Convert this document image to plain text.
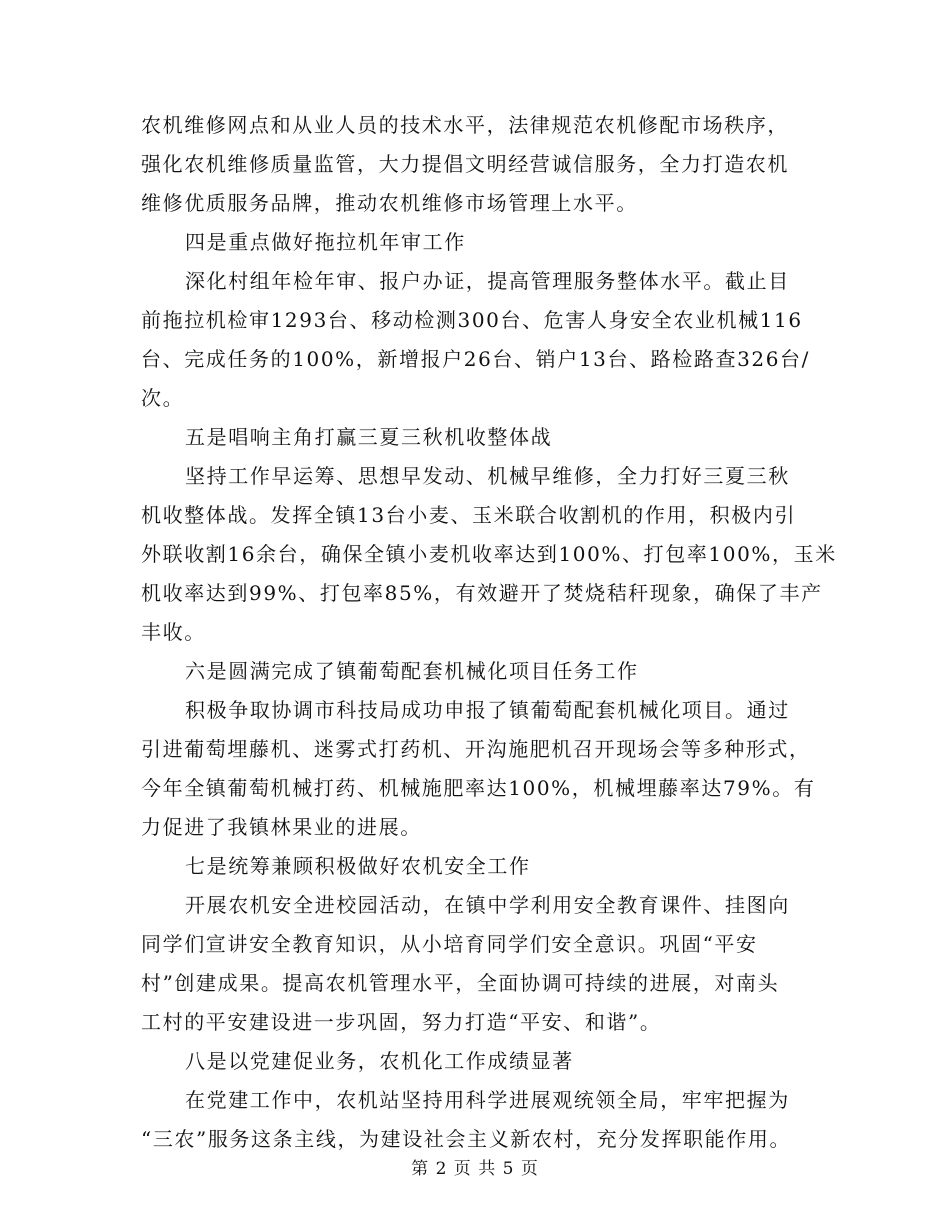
农机维修网点和从业人员的技术水平，法律规范农机修配市场秩序，
强化农机维修质量监管，大力提倡文明经营诚信服务，全力打造农机
维修优质服务品牌，推动农机维修市场管理上水平。
四是重点做好拖拉机年审工作
深化村组年检年审、报户办证，提高管理服务整体水平。截止目
前拖拉机检审1293台、移动检测300台、危害人身安全农业机械116
台、完成任务的100%，新增报户26台、销户13台、路检路查326台/
次。
五是唱响主角打赢三夏三秋机收整体战
坚持工作早运筹、思想早发动、机械早维修，全力打好三夏三秋
机收整体战。发挥全镇13台小麦、玉米联合收割机的作用，积极内引
外联收割16余台，确保全镇小麦机收率达到100%、打包率100%，玉米
机收率达到99%、打包率85%，有效避开了焚烧秸秆现象，确保了丰产
丰收。
六是圆满完成了镇葡萄配套机械化项目任务工作
积极争取协调市科技局成功申报了镇葡萄配套机械化项目。通过
引进葡萄埋藤机、迷雾式打药机、开沟施肥机召开现场会等多种形式，
今年全镇葡萄机械打药、机械施肥率达100%，机械埋藤率达79%。有
力促进了我镇林果业的进展。
七是统筹兼顾积极做好农机安全工作
开展农机安全进校园活动，在镇中学利用安全教育课件、挂图向
同学们宣讲安全教育知识，从小培育同学们安全意识。巩固“平安
村”创建成果。提高农机管理水平，全面协调可持续的进展，对南头
工村的平安建设进一步巩固，努力打造“平安、和谐”。
八是以党建促业务，农机化工作成绩显著
在党建工作中，农机站坚持用科学进展观统领全局，牢牢把握为
“三农”服务这条主线，为建设社会主义新农村，充分发挥职能作用。
第 2 页 共 5 页
